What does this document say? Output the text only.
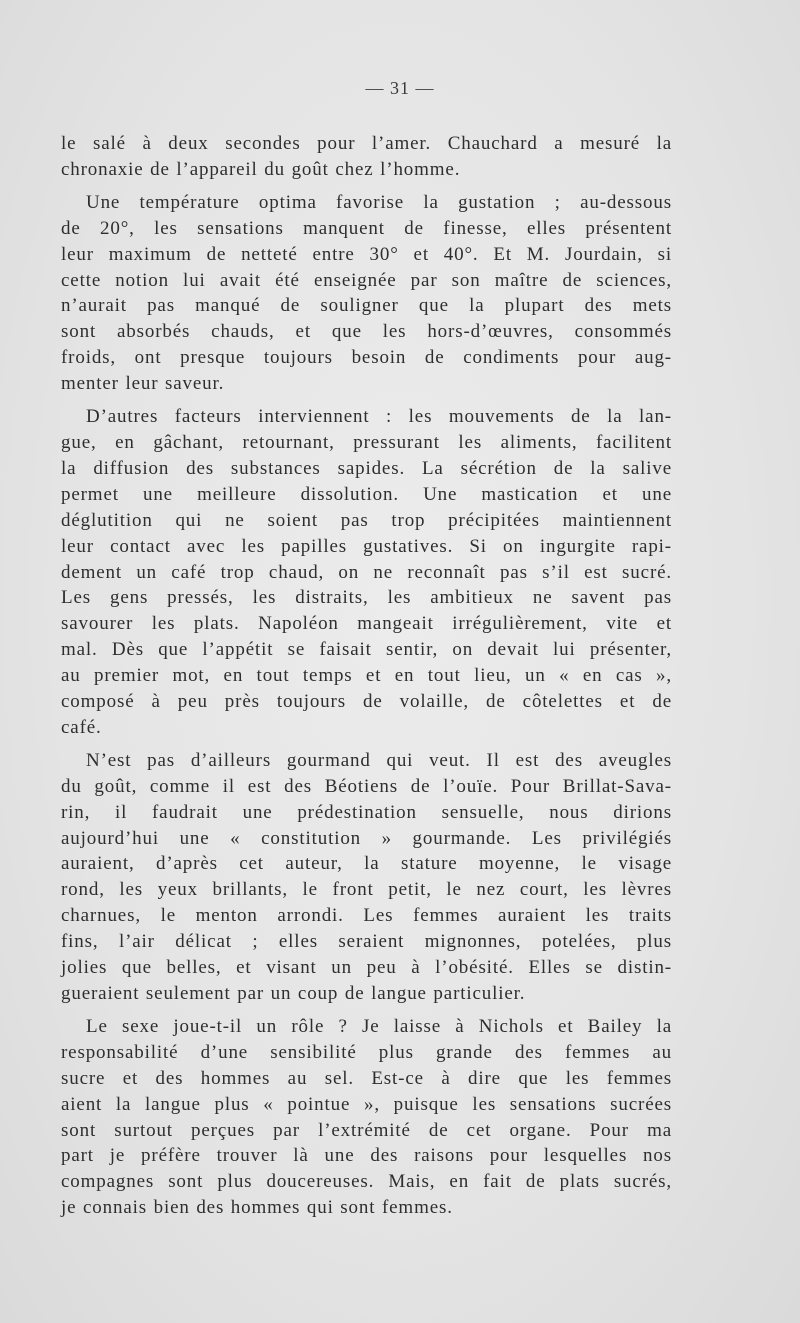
— 31 —
le salé à deux secondes pour l’amer. Chauchard a mesuré la
chronaxie de l’appareil du goût chez l’homme.
Une température optima favorise la gustation ; au-dessous
de 20°, les sensations manquent de finesse, elles présentent
leur maximum de netteté entre 30° et 40°. Et M. Jourdain, si
cette notion lui avait été enseignée par son maître de sciences,
n’aurait pas manqué de souligner que la plupart des mets
sont absorbés chauds, et que les hors-d’œuvres, consommés
froids, ont presque toujours besoin de condiments pour aug-
menter leur saveur.
D’autres facteurs interviennent : les mouvements de la lan-
gue, en gâchant, retournant, pressurant les aliments, facilitent
la diffusion des substances sapides. La sécrétion de la salive
permet une meilleure dissolution. Une mastication et une
déglutition qui ne soient pas trop précipitées maintiennent
leur contact avec les papilles gustatives. Si on ingurgite rapi-
dement un café trop chaud, on ne reconnaît pas s’il est sucré.
Les gens pressés, les distraits, les ambitieux ne savent pas
savourer les plats. Napoléon mangeait irrégulièrement, vite et
mal. Dès que l’appétit se faisait sentir, on devait lui présenter,
au premier mot, en tout temps et en tout lieu, un « en cas »,
composé à peu près toujours de volaille, de côtelettes et de
café.
N’est pas d’ailleurs gourmand qui veut. Il est des aveugles
du goût, comme il est des Béotiens de l’ouïe. Pour Brillat-Sava-
rin, il faudrait une prédestination sensuelle, nous dirions
aujourd’hui une « constitution » gourmande. Les privilégiés
auraient, d’après cet auteur, la stature moyenne, le visage
rond, les yeux brillants, le front petit, le nez court, les lèvres
charnues, le menton arrondi. Les femmes auraient les traits
fins, l’air délicat ; elles seraient mignonnes, potelées, plus
jolies que belles, et visant un peu à l’obésité. Elles se distin-
gueraient seulement par un coup de langue particulier.
Le sexe joue-t-il un rôle ? Je laisse à Nichols et Bailey la
responsabilité d’une sensibilité plus grande des femmes au
sucre et des hommes au sel. Est-ce à dire que les femmes
aient la langue plus « pointue », puisque les sensations sucrées
sont surtout perçues par l’extrémité de cet organe. Pour ma
part je préfère trouver là une des raisons pour lesquelles nos
compagnes sont plus doucereuses. Mais, en fait de plats sucrés,
je connais bien des hommes qui sont femmes.
